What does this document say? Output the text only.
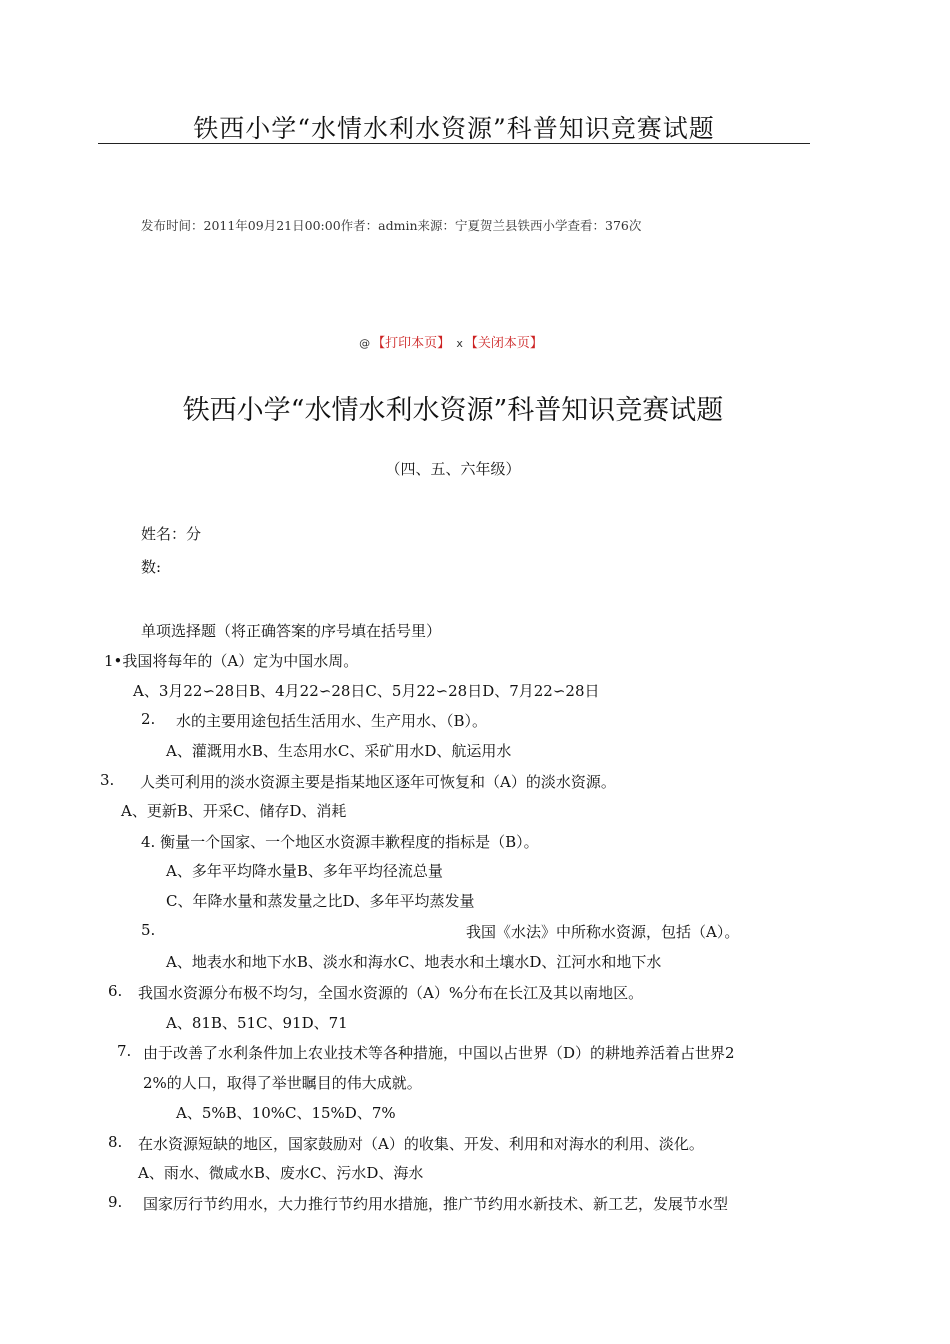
铁西小学“水情水利水资源”科普知识竞赛试题
发布时间：2011年09月21日00:00作者：admin来源：宁夏贺兰县铁西小学查看：376次
@ 【打印本页】 x 【关闭本页】
铁西小学“水情水利水资源”科普知识竞赛试题
（四、五、六年级）
姓名：分
数:
单项选择题（将正确答案的序号填在括号里）
1•我国将每年的（A）定为中国水周。
A、3月22∽28日B、4月22∽28日C、5月22∽28日D、7月22∽28日
2. 水的主要用途包括生活用水、生产用水、（B）。
A、灌溉用水B、生态用水C、采矿用水D、航运用水
3. 人类可利用的淡水资源主要是指某地区逐年可恢复和（A）的淡水资源。
A、更新B、开采C、储存D、消耗
4. 衡量一个国家、一个地区水资源丰歉程度的指标是（B）。
A、多年平均降水量B、多年平均径流总量
C、年降水量和蒸发量之比D、多年平均蒸发量
5.	我国《水法》中所称水资源，包括（A）。
A、地表水和地下水B、淡水和海水C、地表水和土壤水D、江河水和地下水
6. 我国水资源分布极不均匀，全国水资源的（A）%分布在长江及其以南地区。
A、81B、51C、91D、71
7. 由于改善了水利条件加上农业技术等各种措施，中国以占世界（D）的耕地养活着占世界2
2%的人口，取得了举世瞩目的伟大成就。
A、5%B、10%C、15%D、7%
8. 在水资源短缺的地区，国家鼓励对（A）的收集、开发、利用和对海水的利用、淡化。
A、雨水、微咸水B、废水C、污水D、海水
9. 国家厉行节约用水，大力推行节约用水措施，推广节约用水新技术、新工艺，发展节水型
